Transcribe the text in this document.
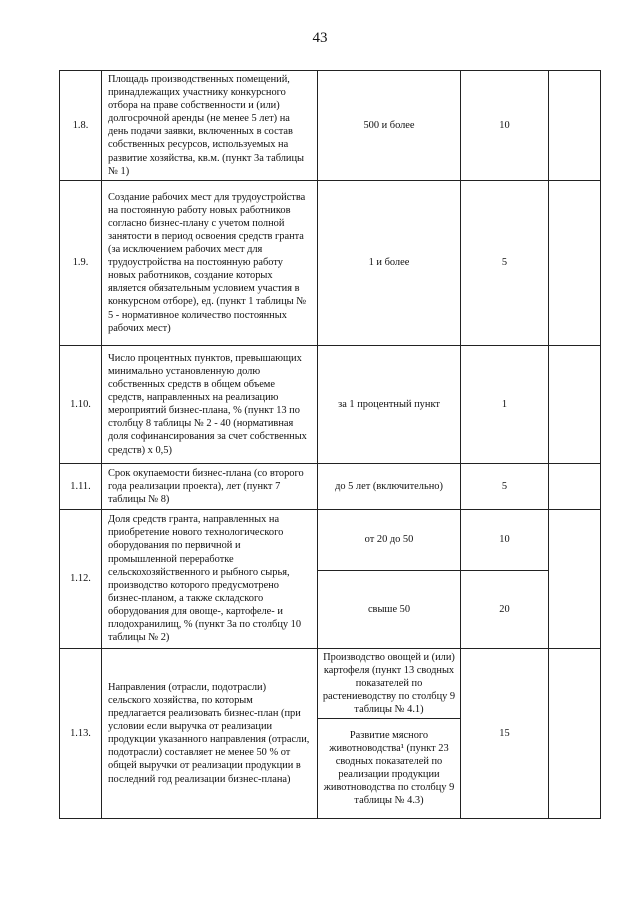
43
1.8.	Площадь производственных помещений, принадлежащих участнику конкурсного отбора на праве собственности и (или) долгосрочной аренды (не менее 5 лет) на день подачи заявки, включенных в состав собственных ресурсов, используемых на развитие хозяйства, кв.м. (пункт 3а таблицы № 1)	500 и более	10	
1.9.	Создание рабочих мест для трудоустройства на постоянную работу новых работников согласно бизнес-плану с учетом полной занятости в период освоения средств гранта (за исключением рабочих мест для трудоустройства на постоянную работу новых работников, создание которых является обязательным условием участия в конкурсном отборе), ед. (пункт 1 таблицы № 5 - нормативное количество постоянных рабочих мест)	1 и более	5	
1.10.	Число процентных пунктов, превышающих минимально установленную долю собственных средств в общем объеме средств, направленных на реализацию мероприятий бизнес-плана, % (пункт 13 по столбцу 8 таблицы № 2 - 40 (нормативная доля софинансирования за счет собственных средств) х 0,5)	за 1 процентный пункт	1	
1.11.	Срок окупаемости бизнес-плана (со второго года реализации проекта), лет (пункт 7 таблицы № 8)	до 5 лет (включительно)	5	
1.12.	Доля средств гранта, направленных на приобретение нового технологического оборудования по первичной и промышленной переработке сельскохозяйственного и рыбного сырья, производство которого предусмотрено бизнес-планом, а также складского оборудования для овоще-, картофеле- и плодохранилищ, % (пункт 3а по столбцу 10 таблицы № 2)	от 20 до 50	10	
		свыше 50	20	
1.13.	Направления (отрасли, подотрасли) сельского хозяйства, по которым предлагается реализовать бизнес-план (при условии если выручка от реализации продукции указанного направления (отрасли, подотрасли) составляет не менее 50 % от общей выручки от реализации продукции в последний год реализации бизнес-плана)	Производство овощей и (или) картофеля (пункт 13 сводных показателей по растениеводству по столбцу 9 таблицы № 4.1)	15	
		Развитие мясного животноводства¹ (пункт 23 сводных показателей по реализации продукции животноводства по столбцу 9 таблицы № 4.3)		
